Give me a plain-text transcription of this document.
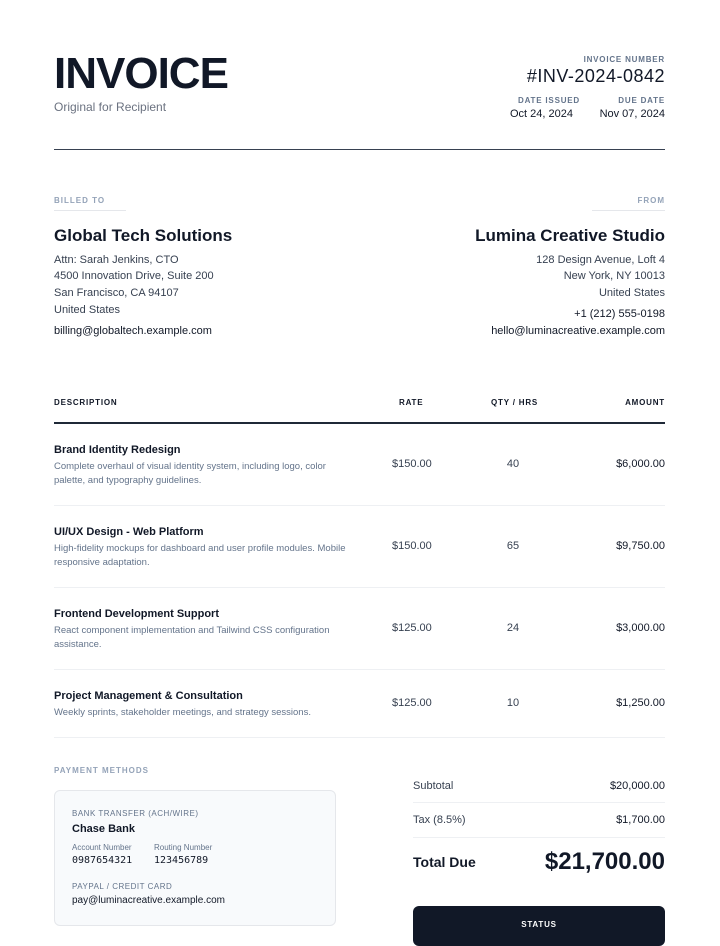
INVOICE
Original for Recipient
INVOICE NUMBER
#INV-2024-0842
DATE ISSUED
Oct 24, 2024
DUE DATE
Nov 07, 2024
BILLED TO
Global Tech Solutions
Attn: Sarah Jenkins, CTO
4500 Innovation Drive, Suite 200
San Francisco, CA 94107
United States
billing@globaltech.example.com
FROM
Lumina Creative Studio
128 Design Avenue, Loft 4
New York, NY 10013
United States
+1 (212) 555-0198
hello@luminacreative.example.com
DESCRIPTION	RATE	QTY / HRS	AMOUNT
Brand Identity Redesign
Complete overhaul of visual identity system, including logo, color palette, and typography guidelines.
$150.00	40	$6,000.00
UI/UX Design - Web Platform
High-fidelity mockups for dashboard and user profile modules. Mobile responsive adaptation.
$150.00	65	$9,750.00
Frontend Development Support
React component implementation and Tailwind CSS configuration assistance.
$125.00	24	$3,000.00
Project Management & Consultation
Weekly sprints, stakeholder meetings, and strategy sessions.
$125.00	10	$1,250.00
PAYMENT METHODS
BANK TRANSFER (ACH/WIRE)
Chase Bank
Account Number
0987654321
Routing Number
123456789
PAYPAL / CREDIT CARD
pay@luminacreative.example.com
Subtotal	$20,000.00
Tax (8.5%)	$1,700.00
Total Due	$21,700.00
STATUS
